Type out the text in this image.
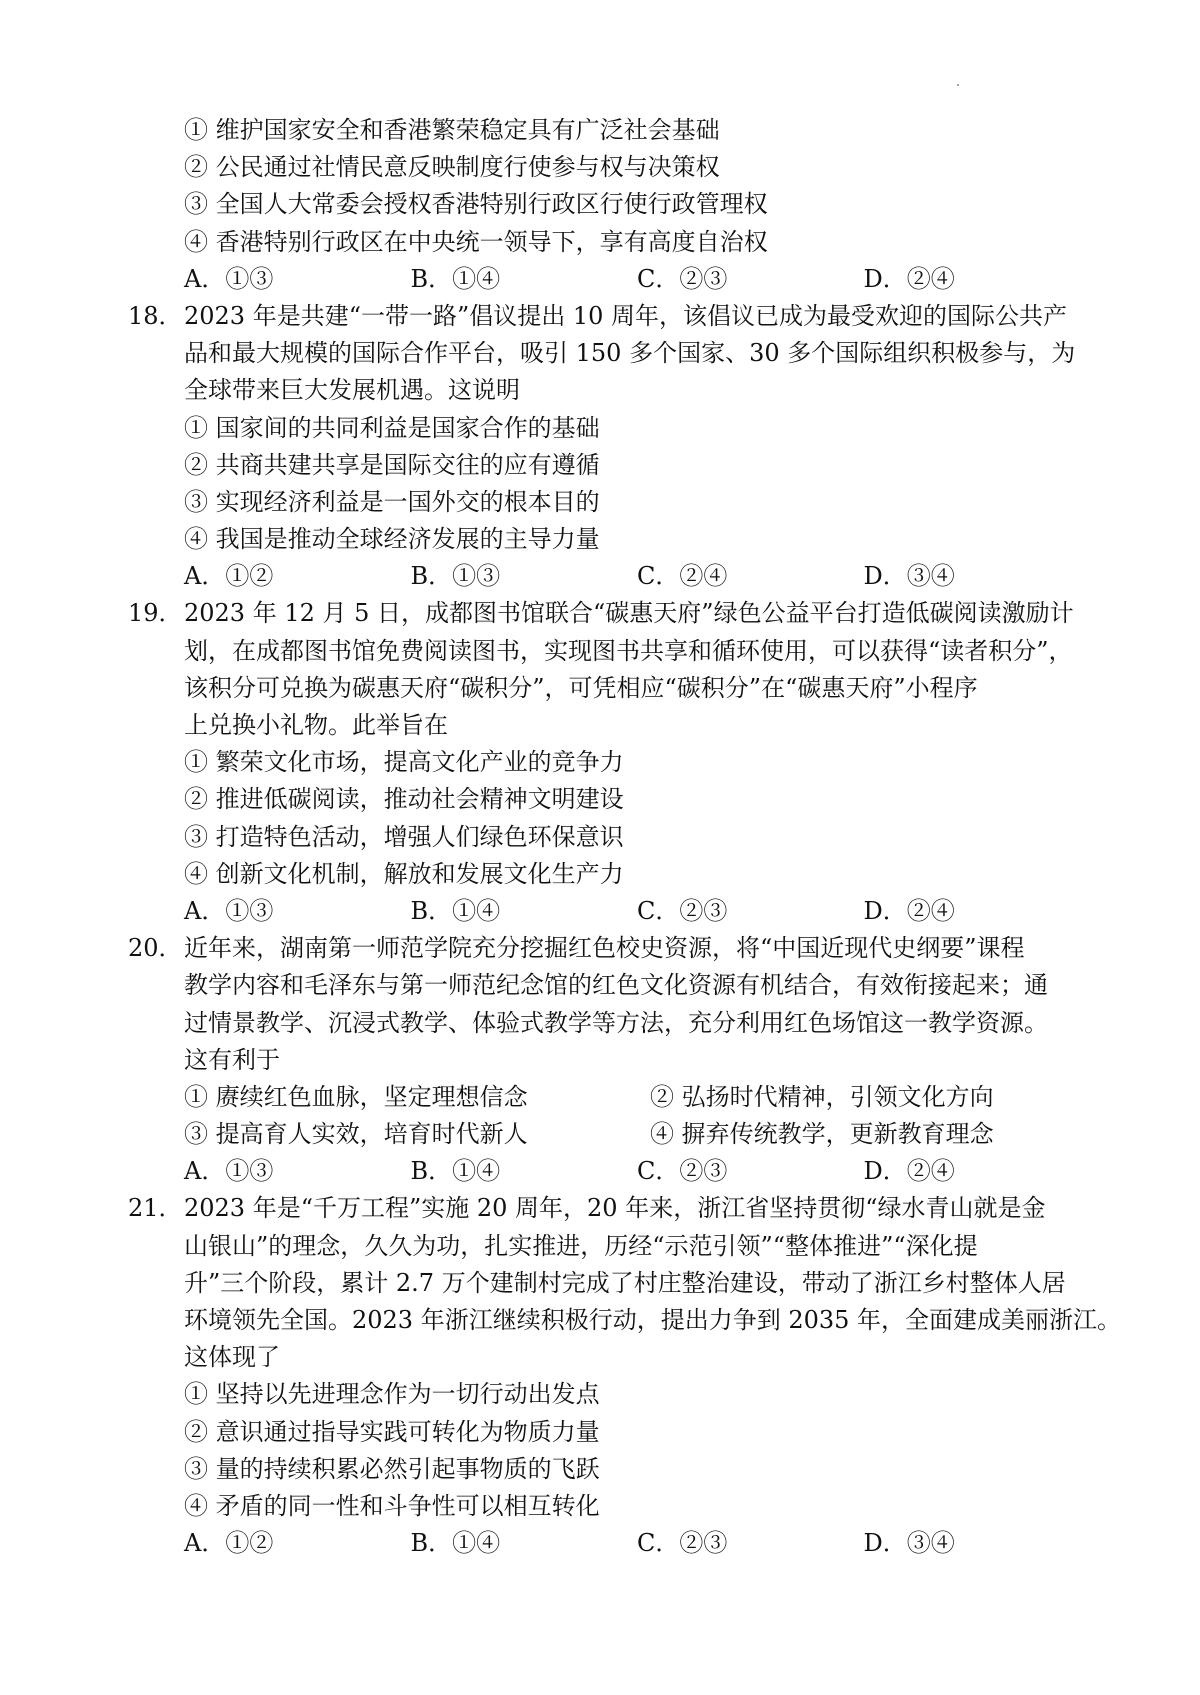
① 维护国家安全和香港繁荣稳定具有广泛社会基础
② 公民通过社情民意反映制度行使参与权与决策权
③ 全国人大常委会授权香港特别行政区行使行政管理权
④ 香港特别行政区在中央统一领导下，享有高度自治权
A．①③	B．①④	C．②③	D．②④
18．2023 年是共建“一带一路”倡议提出 10 周年，该倡议已成为最受欢迎的国际公共产
品和最大规模的国际合作平台，吸引 150 多个国家、30 多个国际组织积极参与，为
全球带来巨大发展机遇。这说明
① 国家间的共同利益是国家合作的基础
② 共商共建共享是国际交往的应有遵循
③ 实现经济利益是一国外交的根本目的
④ 我国是推动全球经济发展的主导力量
A．①②	B．①③	C．②④	D．③④
19．2023 年 12 月 5 日，成都图书馆联合“碳惠天府”绿色公益平台打造低碳阅读激励计
划，在成都图书馆免费阅读图书，实现图书共享和循环使用，可以获得“读者积分”，
该积分可兑换为碳惠天府“碳积分”，可凭相应“碳积分”在“碳惠天府”小程序
上兑换小礼物。此举旨在
① 繁荣文化市场，提高文化产业的竞争力
② 推进低碳阅读，推动社会精神文明建设
③ 打造特色活动，增强人们绿色环保意识
④ 创新文化机制，解放和发展文化生产力
A．①③	B．①④	C．②③	D．②④
20．近年来，湖南第一师范学院充分挖掘红色校史资源，将“中国近现代史纲要”课程
教学内容和毛泽东与第一师范纪念馆的红色文化资源有机结合，有效衔接起来；通
过情景教学、沉浸式教学、体验式教学等方法，充分利用红色场馆这一教学资源。
这有利于
① 赓续红色血脉，坚定理想信念	② 弘扬时代精神，引领文化方向
③ 提高育人实效，培育时代新人	④ 摒弃传统教学，更新教育理念
A．①③	B．①④	C．②③	D．②④
21．2023 年是“千万工程”实施 20 周年，20 年来，浙江省坚持贯彻“绿水青山就是金
山银山”的理念，久久为功，扎实推进，历经“示范引领”“整体推进”“深化提
升”三个阶段，累计 2.7 万个建制村完成了村庄整治建设，带动了浙江乡村整体人居
环境领先全国。2023 年浙江继续积极行动，提出力争到 2035 年，全面建成美丽浙江。
这体现了
① 坚持以先进理念作为一切行动出发点
② 意识通过指导实践可转化为物质力量
③ 量的持续积累必然引起事物质的飞跃
④ 矛盾的同一性和斗争性可以相互转化
A．①②	B．①④	C．②③	D．③④
